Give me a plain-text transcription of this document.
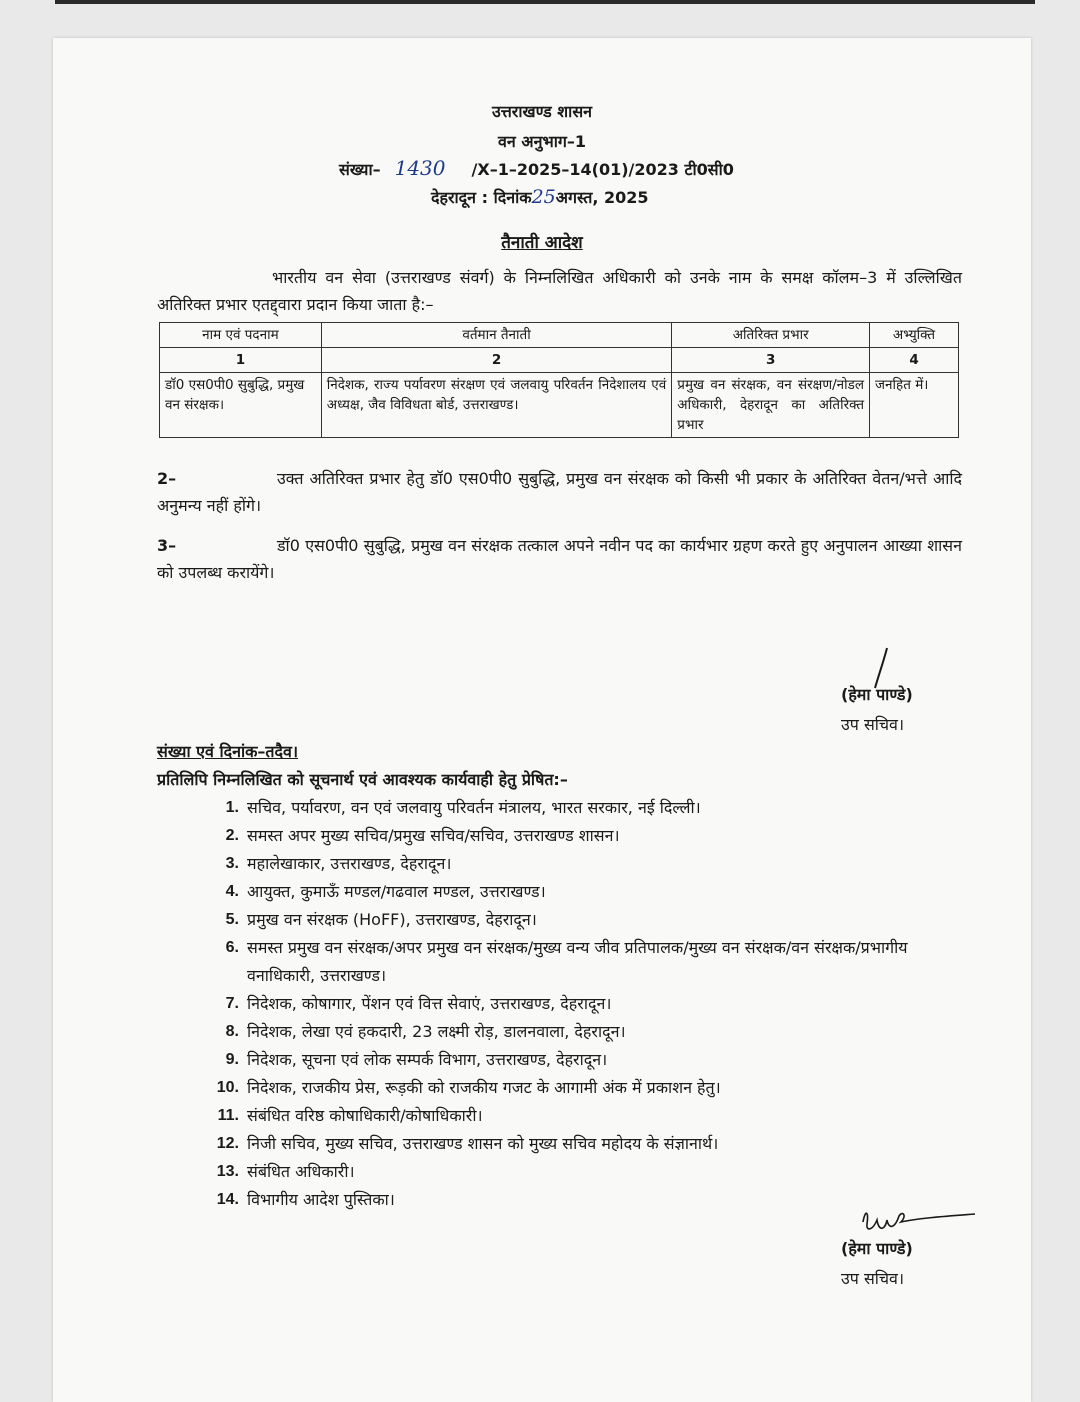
उत्तराखण्ड शासन
वन अनुभाग–1
संख्या– 1430 /X–1–2025–14(01)/2023 टी0सी0
देहरादून : दिनांक25अगस्त, 2025
तैनाती आदेश
भारतीय वन सेवा (उत्तराखण्ड संवर्ग) के निम्नलिखित अधिकारी को उनके नाम के समक्ष कॉलम–3 में उल्लिखित अतिरिक्त प्रभार एतद्द्वारा प्रदान किया जाता है:–
नाम एवं पदनाम	वर्तमान तैनाती	अतिरिक्त प्रभार	अभ्युक्ति
1	2	3	4
डॉ0 एस0पी0 सुबुद्धि, प्रमुख वन संरक्षक।	निदेशक, राज्य पर्यावरण संरक्षण एवं जलवायु परिवर्तन निदेशालय एवं अध्यक्ष, जैव विविधता बोर्ड, उत्तराखण्ड।	प्रमुख वन संरक्षक, वन संरक्षण/नोडल अधिकारी, देहरादून का अतिरिक्त प्रभार	जनहित में।
2–	उक्त अतिरिक्त प्रभार हेतु डॉ0 एस0पी0 सुबुद्धि, प्रमुख वन संरक्षक को किसी भी प्रकार के अतिरिक्त वेतन/भत्ते आदि अनुमन्य नहीं होंगे।
3–	डॉ0 एस0पी0 सुबुद्धि, प्रमुख वन संरक्षक तत्काल अपने नवीन पद का कार्यभार ग्रहण करते हुए अनुपालन आख्या शासन को उपलब्ध करायेंगे।
(हेमा पाण्डे)
उप सचिव।
संख्या एवं दिनांक–तदैव।
प्रतिलिपि निम्नलिखित को सूचनार्थ एवं आवश्यक कार्यवाही हेतु प्रेषित:–
1. सचिव, पर्यावरण, वन एवं जलवायु परिवर्तन मंत्रालय, भारत सरकार, नई दिल्ली।
2. समस्त अपर मुख्य सचिव/प्रमुख सचिव/सचिव, उत्तराखण्ड शासन।
3. महालेखाकार, उत्तराखण्ड, देहरादून।
4. आयुक्त, कुमाऊँ मण्डल/गढवाल मण्डल, उत्तराखण्ड।
5. प्रमुख वन संरक्षक (HoFF), उत्तराखण्ड, देहरादून।
6. समस्त प्रमुख वन संरक्षक/अपर प्रमुख वन संरक्षक/मुख्य वन्य जीव प्रतिपालक/मुख्य वन संरक्षक/वन संरक्षक/प्रभागीय वनाधिकारी, उत्तराखण्ड।
7. निदेशक, कोषागार, पेंशन एवं वित्त सेवाएं, उत्तराखण्ड, देहरादून।
8. निदेशक, लेखा एवं हकदारी, 23 लक्ष्मी रोड़, डालनवाला, देहरादून।
9. निदेशक, सूचना एवं लोक सम्पर्क विभाग, उत्तराखण्ड, देहरादून।
10. निदेशक, राजकीय प्रेस, रूड़की को राजकीय गजट के आगामी अंक में प्रकाशन हेतु।
11. संबंधित वरिष्ठ कोषाधिकारी/कोषाधिकारी।
12. निजी सचिव, मुख्य सचिव, उत्तराखण्ड शासन को मुख्य सचिव महोदय के संज्ञानार्थ।
13. संबंधित अधिकारी।
14. विभागीय आदेश पुस्तिका।
(हेमा पाण्डे)
उप सचिव।
